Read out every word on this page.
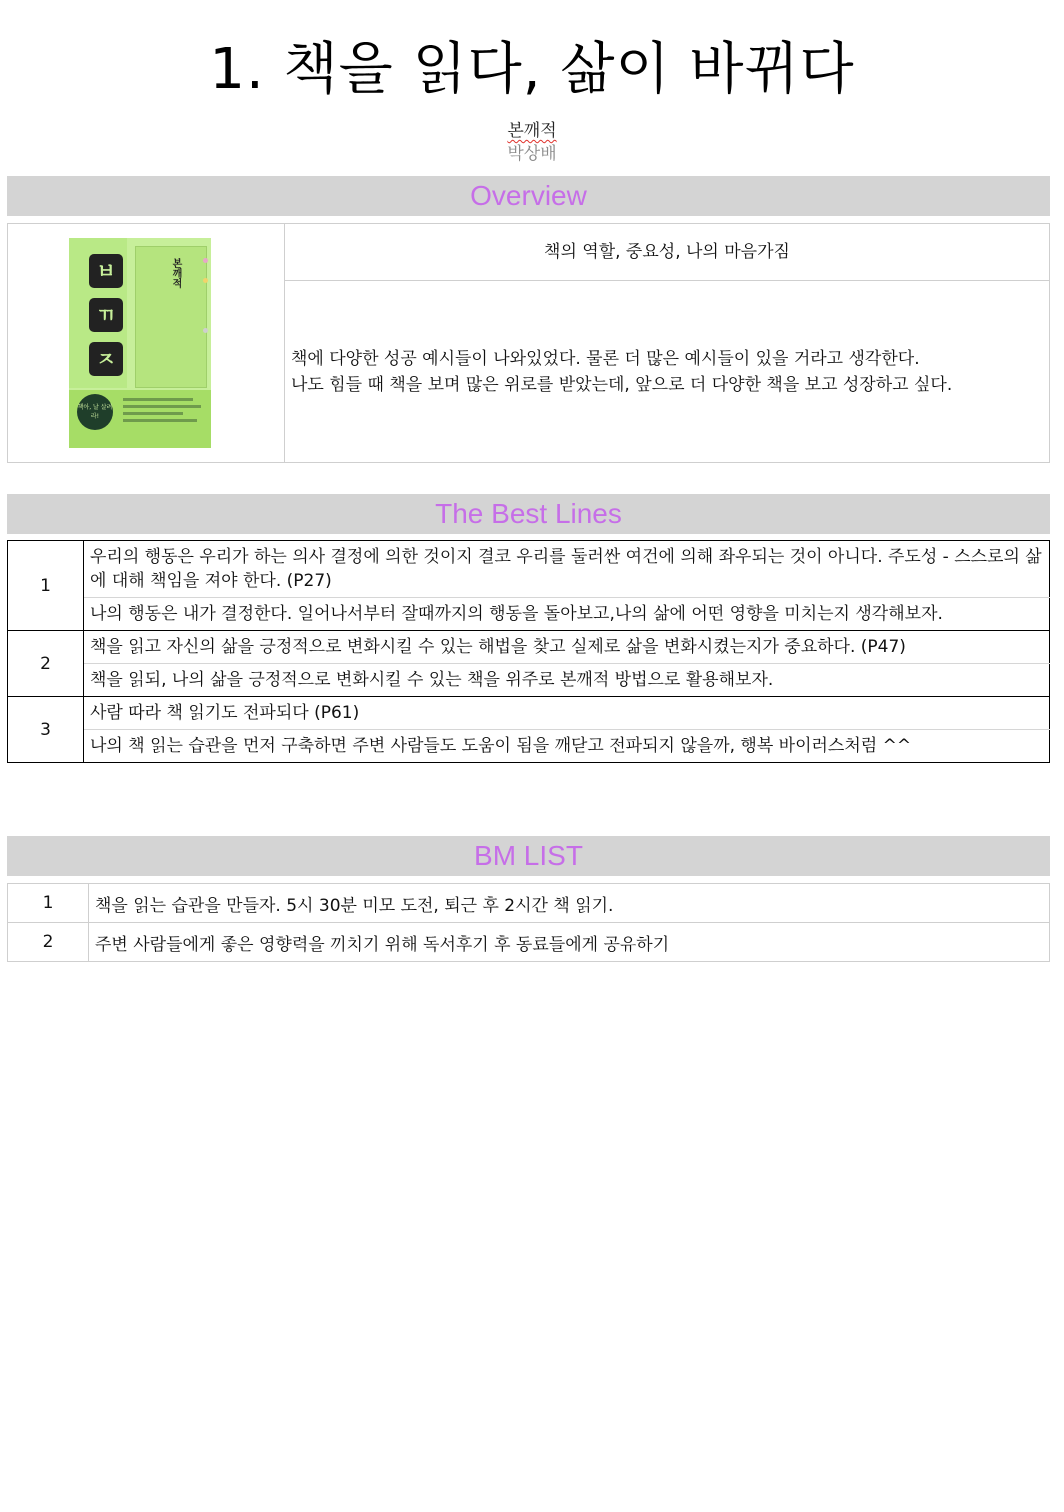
1. 책을 읽다, 삶이 바뀌다
본깨적
박상배
Overview
ㅂ
ㄲ
ㅈ
본깨적
책아, 날 살려라!
책의 역할, 중요성, 나의 마음가짐
책에 다양한 성공 예시들이 나와있었다. 물론 더 많은 예시들이 있을 거라고 생각한다.
나도 힘들 때 책을 보며 많은 위로를 받았는데, 앞으로 더 다양한 책을 보고 성장하고 싶다.
The Best Lines
1	우리의 행동은 우리가 하는 의사 결정에 의한 것이지 결코 우리를 둘러싼 여건에 의해 좌우되는 것이 아니다. 주도성 - 스스로의 삶에 대해 책임을 져야 한다. (P27)
	나의 행동은 내가 결정한다. 일어나서부터 잘때까지의 행동을 돌아보고,나의 삶에 어떤 영향을 미치는지 생각해보자.
2	책을 읽고 자신의 삶을 긍정적으로 변화시킬 수 있는 해법을 찾고 실제로 삶을 변화시켰는지가 중요하다. (P47)
	책을 읽되, 나의 삶을 긍정적으로 변화시킬 수 있는 책을 위주로 본깨적 방법으로 활용해보자.
3	사람 따라 책 읽기도 전파되다 (P61)
	나의 책 읽는 습관을 먼저 구축하면 주변 사람들도 도움이 됨을 깨닫고 전파되지 않을까, 행복 바이러스처럼 ^^
BM LIST
1	책을 읽는 습관을 만들자. 5시 30분 미모 도전, 퇴근 후 2시간 책 읽기.
2	주변 사람들에게 좋은 영향력을 끼치기 위해 독서후기 후 동료들에게 공유하기
